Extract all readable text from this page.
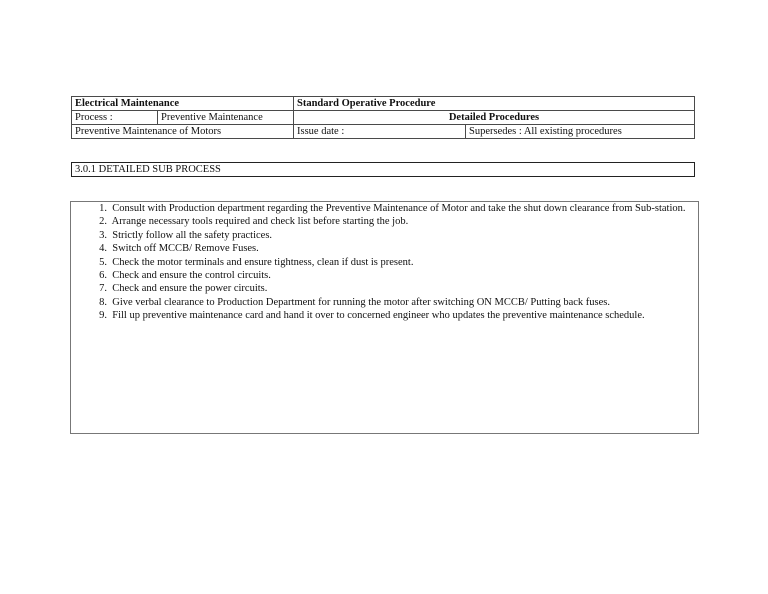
Electrical Maintenance		Standard Operative Procedure	
Process :	Preventive Maintenance	Detailed Procedures	
Preventive Maintenance of Motors		Issue date :	Supersedes : All existing procedures
3.0.1 DETAILED SUB PROCESS
1. Consult with Production department regarding the Preventive Maintenance of Motor and take the shut down clearance from Sub-station.
2. Arrange necessary tools required and check list before starting the job.
3. Strictly follow all the safety practices.
4. Switch off MCCB/ Remove Fuses.
5. Check the motor terminals and ensure tightness, clean if dust is present.
6. Check and ensure the control circuits.
7. Check and ensure the power circuits.
8. Give verbal clearance to Production Department for running the motor after switching ON MCCB/ Putting back fuses.
9. Fill up preventive maintenance card and hand it over to concerned engineer who updates the preventive maintenance schedule.
